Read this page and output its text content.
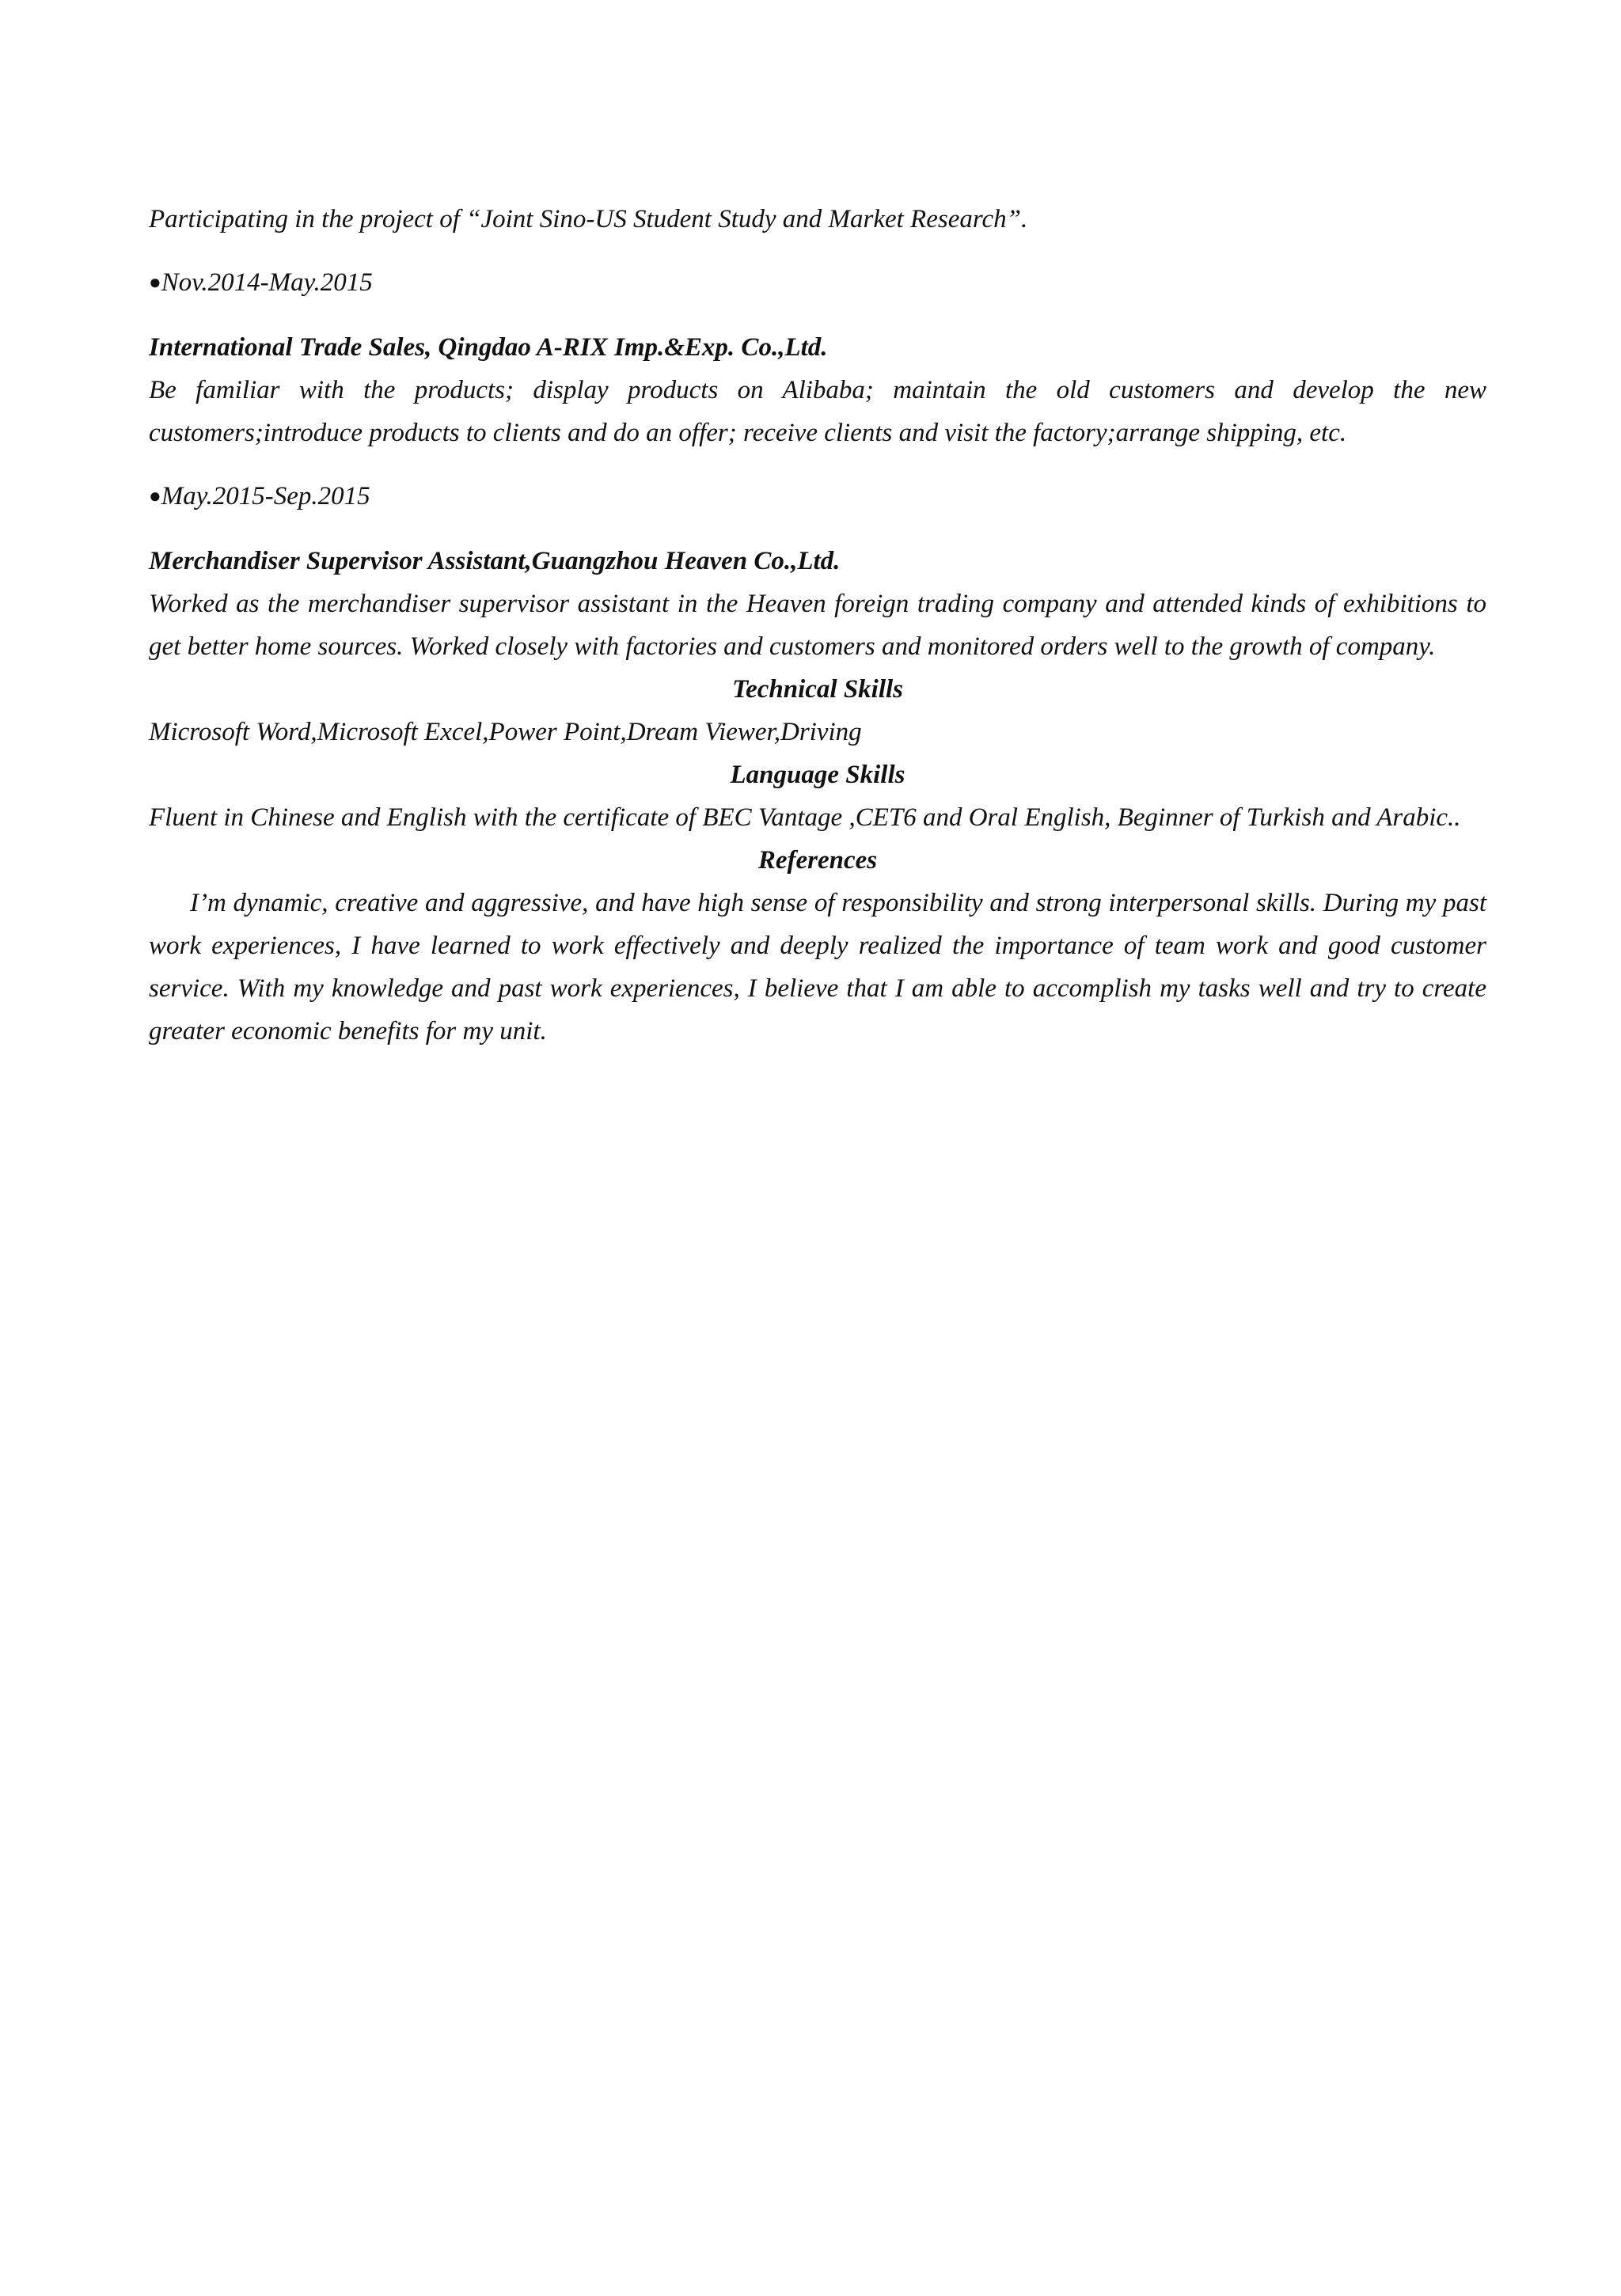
Participating in the project of “Joint Sino-US Student Study and Market Research”.

●Nov.2014-May.2015

International Trade Sales, Qingdao A-RIX Imp.&Exp. Co.,Ltd.

Be familiar with the products; display products on Alibaba; maintain the old customers and develop the new customers;introduce products to clients and do an offer; receive clients and visit the factory;arrange shipping, etc.

●May.2015-Sep.2015

Merchandiser Supervisor Assistant,Guangzhou Heaven Co.,Ltd.

Worked as the merchandiser supervisor assistant in the Heaven foreign trading company and attended kinds of exhibitions to get better home sources. Worked closely with factories and customers and monitored orders well to the growth of company.

Technical Skills

Microsoft Word,Microsoft Excel,Power Point,Dream Viewer,Driving

Language Skills

Fluent in Chinese and English with the certificate of BEC Vantage ,CET6 and Oral English, Beginner of Turkish and Arabic..

References

I’m dynamic, creative and aggressive, and have high sense of responsibility and strong interpersonal skills. During my past work experiences, I have learned to work effectively and deeply realized the importance of team work and good customer service. With my knowledge and past work experiences, I believe that I am able to accomplish my tasks well and try to create greater economic benefits for my unit.
